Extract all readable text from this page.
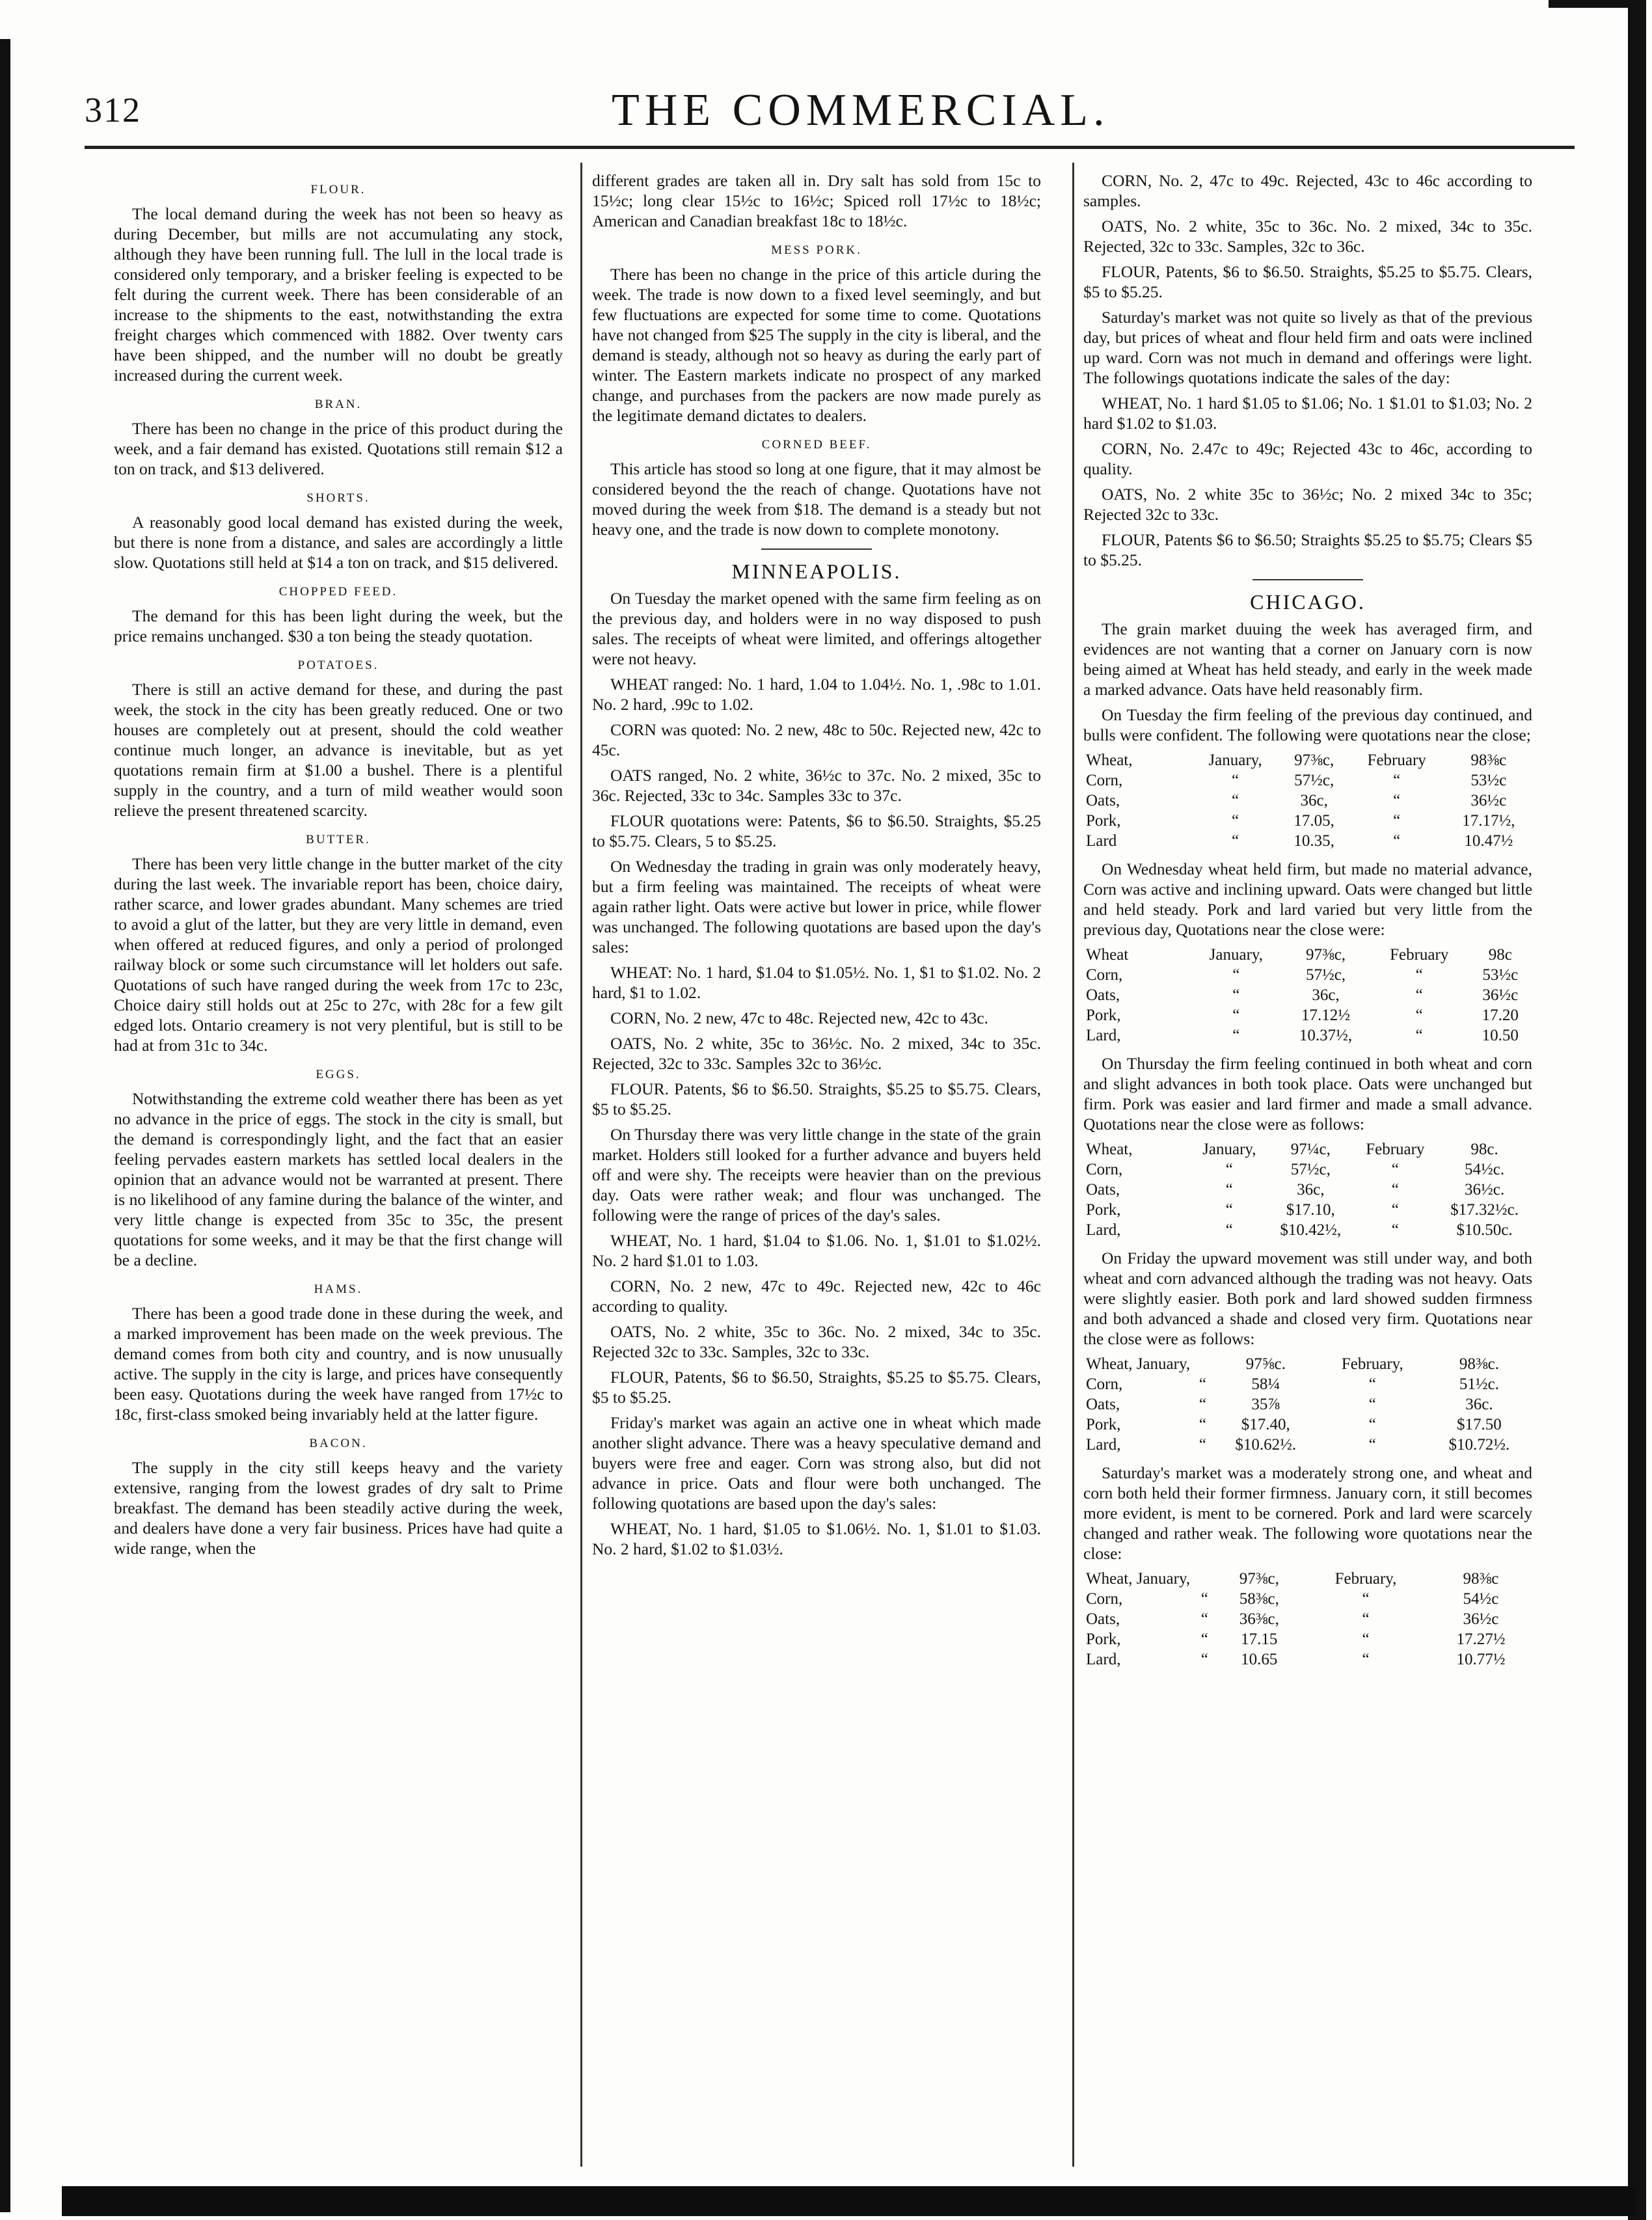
312	THE COMMERCIAL.
FLOUR.

The local demand during the week has not been so heavy as during December, but mills are not accumulating any stock, although they have been running full. The lull in the local trade is considered only temporary, and a brisker feeling is expected to be felt during the current week. There has been considerable of an increase to the shipments to the east, notwithstanding the extra freight charges which commenced with 1882. Over twenty cars have been shipped, and the number will no doubt be greatly increased during the current week.

BRAN.

There has been no change in the price of this product during the week, and a fair demand has existed. Quotations still remain $12 a ton on track, and $13 delivered.

SHORTS.

A reasonably good local demand has existed during the week, but there is none from a distance, and sales are accordingly a little slow. Quotations still held at $14 a ton on track, and $15 delivered.

CHOPPED FEED.

The demand for this has been light during the week, but the price remains unchanged. $30 a ton being the steady quotation.

POTATOES.

There is still an active demand for these, and during the past week, the stock in the city has been greatly reduced. One or two houses are completely out at present, should the cold weather continue much longer, an advance is inevitable, but as yet quotations remain firm at $1.00 a bushel. There is a plentiful supply in the country, and a turn of mild weather would soon relieve the present threatened scarcity.

BUTTER.

There has been very little change in the butter market of the city during the last week. The invariable report has been, choice dairy, rather scarce, and lower grades abundant. Many schemes are tried to avoid a glut of the latter, but they are very little in demand, even when offered at reduced figures, and only a period of prolonged railway block or some such circumstance will let holders out safe. Quotations of such have ranged during the week from 17c to 23c, Choice dairy still holds out at 25c to 27c, with 28c for a few gilt edged lots. Ontario creamery is not very plentiful, but is still to be had at from 31c to 34c.

EGGS.

Notwithstanding the extreme cold weather there has been as yet no advance in the price of eggs. The stock in the city is small, but the demand is correspondingly light, and the fact that an easier feeling pervades eastern markets has settled local dealers in the opinion that an advance would not be warranted at present. There is no likelihood of any famine during the balance of the winter, and very little change is expected from 35c to 35c, the present quotations for some weeks, and it may be that the first change will be a decline.

HAMS.

There has been a good trade done in these during the week, and a marked improvement has been made on the week previous. The demand comes from both city and country, and is now unusually active. The supply in the city is large, and prices have consequently been easy. Quotations during the week have ranged from 17½c to 18c, first-class smoked being invariably held at the latter figure.

BACON.

The supply in the city still keeps heavy and the variety extensive, ranging from the lowest grades of dry salt to Prime breakfast. The demand has been steadily active during the week, and dealers have done a very fair business. Prices have had quite a wide range, when the

different grades are taken all in. Dry salt has sold from 15c to 15½c; long clear 15½c to 16½c; Spiced roll 17½c to 18½c; American and Canadian breakfast 18c to 18½c.

MESS PORK.

There has been no change in the price of this article during the week. The trade is now down to a fixed level seemingly, and but few fluctuations are expected for some time to come. Quotations have not changed from $25 The supply in the city is liberal, and the demand is steady, although not so heavy as during the early part of winter. The Eastern markets indicate no prospect of any marked change, and purchases from the packers are now made purely as the legitimate demand dictates to dealers.

CORNED BEEF.

This article has stood so long at one figure, that it may almost be considered beyond the the reach of change. Quotations have not moved during the week from $18. The demand is a steady but not heavy one, and the trade is now down to complete monotony.

MINNEAPOLIS.

On Tuesday the market opened with the same firm feeling as on the previous day, and holders were in no way disposed to push sales. The receipts of wheat were limited, and offerings altogether were not heavy.

WHEAT ranged: No. 1 hard, 1.04 to 1.04½. No. 1, .98c to 1.01. No. 2 hard, .99c to 1.02.

CORN was quoted: No. 2 new, 48c to 50c. Rejected new, 42c to 45c.

OATS ranged, No. 2 white, 36½c to 37c. No. 2 mixed, 35c to 36c. Rejected, 33c to 34c. Samples 33c to 37c.

FLOUR quotations were: Patents, $6 to $6.50. Straights, $5.25 to $5.75. Clears, 5 to $5.25.

On Wednesday the trading in grain was only moderately heavy, but a firm feeling was maintained. The receipts of wheat were again rather light. Oats were active but lower in price, while flower was unchanged. The following quotations are based upon the day's sales:

WHEAT: No. 1 hard, $1.04 to $1.05½. No. 1, $1 to $1.02. No. 2 hard, $1 to 1.02.

CORN, No. 2 new, 47c to 48c. Rejected new, 42c to 43c.

OATS, No. 2 white, 35c to 36½c. No. 2 mixed, 34c to 35c. Rejected, 32c to 33c. Samples 32c to 36½c.

FLOUR. Patents, $6 to $6.50. Straights, $5.25 to $5.75. Clears, $5 to $5.25.

On Thursday there was very little change in the state of the grain market. Holders still looked for a further advance and buyers held off and were shy. The receipts were heavier than on the previous day. Oats were rather weak; and flour was unchanged. The following were the range of prices of the day's sales.

WHEAT, No. 1 hard, $1.04 to $1.06. No. 1, $1.01 to $1.02½. No. 2 hard $1.01 to 1.03.

CORN, No. 2 new, 47c to 49c. Rejected new, 42c to 46c according to quality.

OATS, No. 2 white, 35c to 36c. No. 2 mixed, 34c to 35c. Rejected 32c to 33c. Samples, 32c to 33c.

FLOUR, Patents, $6 to $6.50, Straights, $5.25 to $5.75. Clears, $5 to $5.25.

Friday's market was again an active one in wheat which made another slight advance. There was a heavy speculative demand and buyers were free and eager. Corn was strong also, but did not advance in price. Oats and flour were both unchanged. The following quotations are based upon the day's sales:

WHEAT, No. 1 hard, $1.05 to $1.06½. No. 1, $1.01 to $1.03. No. 2 hard, $1.02 to $1.03½.

CORN, No. 2, 47c to 49c. Rejected, 43c to 46c according to samples.

OATS, No. 2 white, 35c to 36c. No. 2 mixed, 34c to 35c. Rejected, 32c to 33c. Samples, 32c to 36c.

FLOUR, Patents, $6 to $6.50. Straights, $5.25 to $5.75. Clears, $5 to $5.25.

Saturday's market was not quite so lively as that of the previous day, but prices of wheat and flour held firm and oats were inclined up ward. Corn was not much in demand and offerings were light. The followings quotations indicate the sales of the day:

WHEAT, No. 1 hard $1.05 to $1.06; No. 1 $1.01 to $1.03; No. 2 hard $1.02 to $1.03.

CORN, No. 2.47c to 49c; Rejected 43c to 46c, according to quality.

OATS, No. 2 white 35c to 36½c; No. 2 mixed 34c to 35c; Rejected 32c to 33c.

FLOUR, Patents $6 to $6.50; Straights $5.25 to $5.75; Clears $5 to $5.25.

CHICAGO.

The grain market duuing the week has averaged firm, and evidences are not wanting that a corner on January corn is now being aimed at Wheat has held steady, and early in the week made a marked advance. Oats have held reasonably firm.

On Tuesday the firm feeling of the previous day continued, and bulls were confident. The following were quotations near the close;

Wheat,	January,	97⅜c,	February	98⅜c
Corn,	“	57½c,	“	53½c
Oats,	“	36c,	“	36½c
Pork,	“	17.05,	“	17.17½,
Lard	“	10.35,	“	10.47½

On Wednesday wheat held firm, but made no material advance, Corn was active and inclining upward. Oats were changed but little and held steady. Pork and lard varied but very little from the previous day, Quotations near the close were:

Wheat	January,	97⅜c,	February	98c
Corn,	“	57½c,	“	53½c
Oats,	“	36c,	“	36½c
Pork,	“	17.12½	“	17.20
Lard,	“	10.37½,	“	10.50

On Thursday the firm feeling continued in both wheat and corn and slight advances in both took place. Oats were unchanged but firm. Pork was easier and lard firmer and made a small advance. Quotations near the close were as follows:

Wheat,	January,	97¼c,	February	98c.
Corn,	“	57½c,	“	54½c.
Oats,	“	36c,	“	36½c.
Pork,	“	$17.10,	“	$17.32½c.
Lard,	“	$10.42½,	“	$10.50c.

On Friday the upward movement was still under way, and both wheat and corn advanced although the trading was not heavy. Oats were slightly easier. Both pork and lard showed sudden firmness and both advanced a shade and closed very firm. Quotations near the close were as follows:

Wheat, January,		97⅝c.	February,	98⅜c.
Corn,	“	58¼	“	51½c.
Oats,	“	35⅞	“	36c.
Pork,	“	$17.40,	“	$17.50
Lard,	“	$10.62½.	“	$10.72½.

Saturday's market was a moderately strong one, and wheat and corn both held their former firmness. January corn, it still becomes more evident, is ment to be cornered. Pork and lard were scarcely changed and rather weak. The following wore quotations near the close:

Wheat, January,		97⅜c,	February,	98⅜c
Corn,	“	58⅜c,	“	54½c
Oats,	“	36⅜c,	“	36½c
Pork,	“	17.15	“	17.27½
Lard,	“	10.65	“	10.77½
